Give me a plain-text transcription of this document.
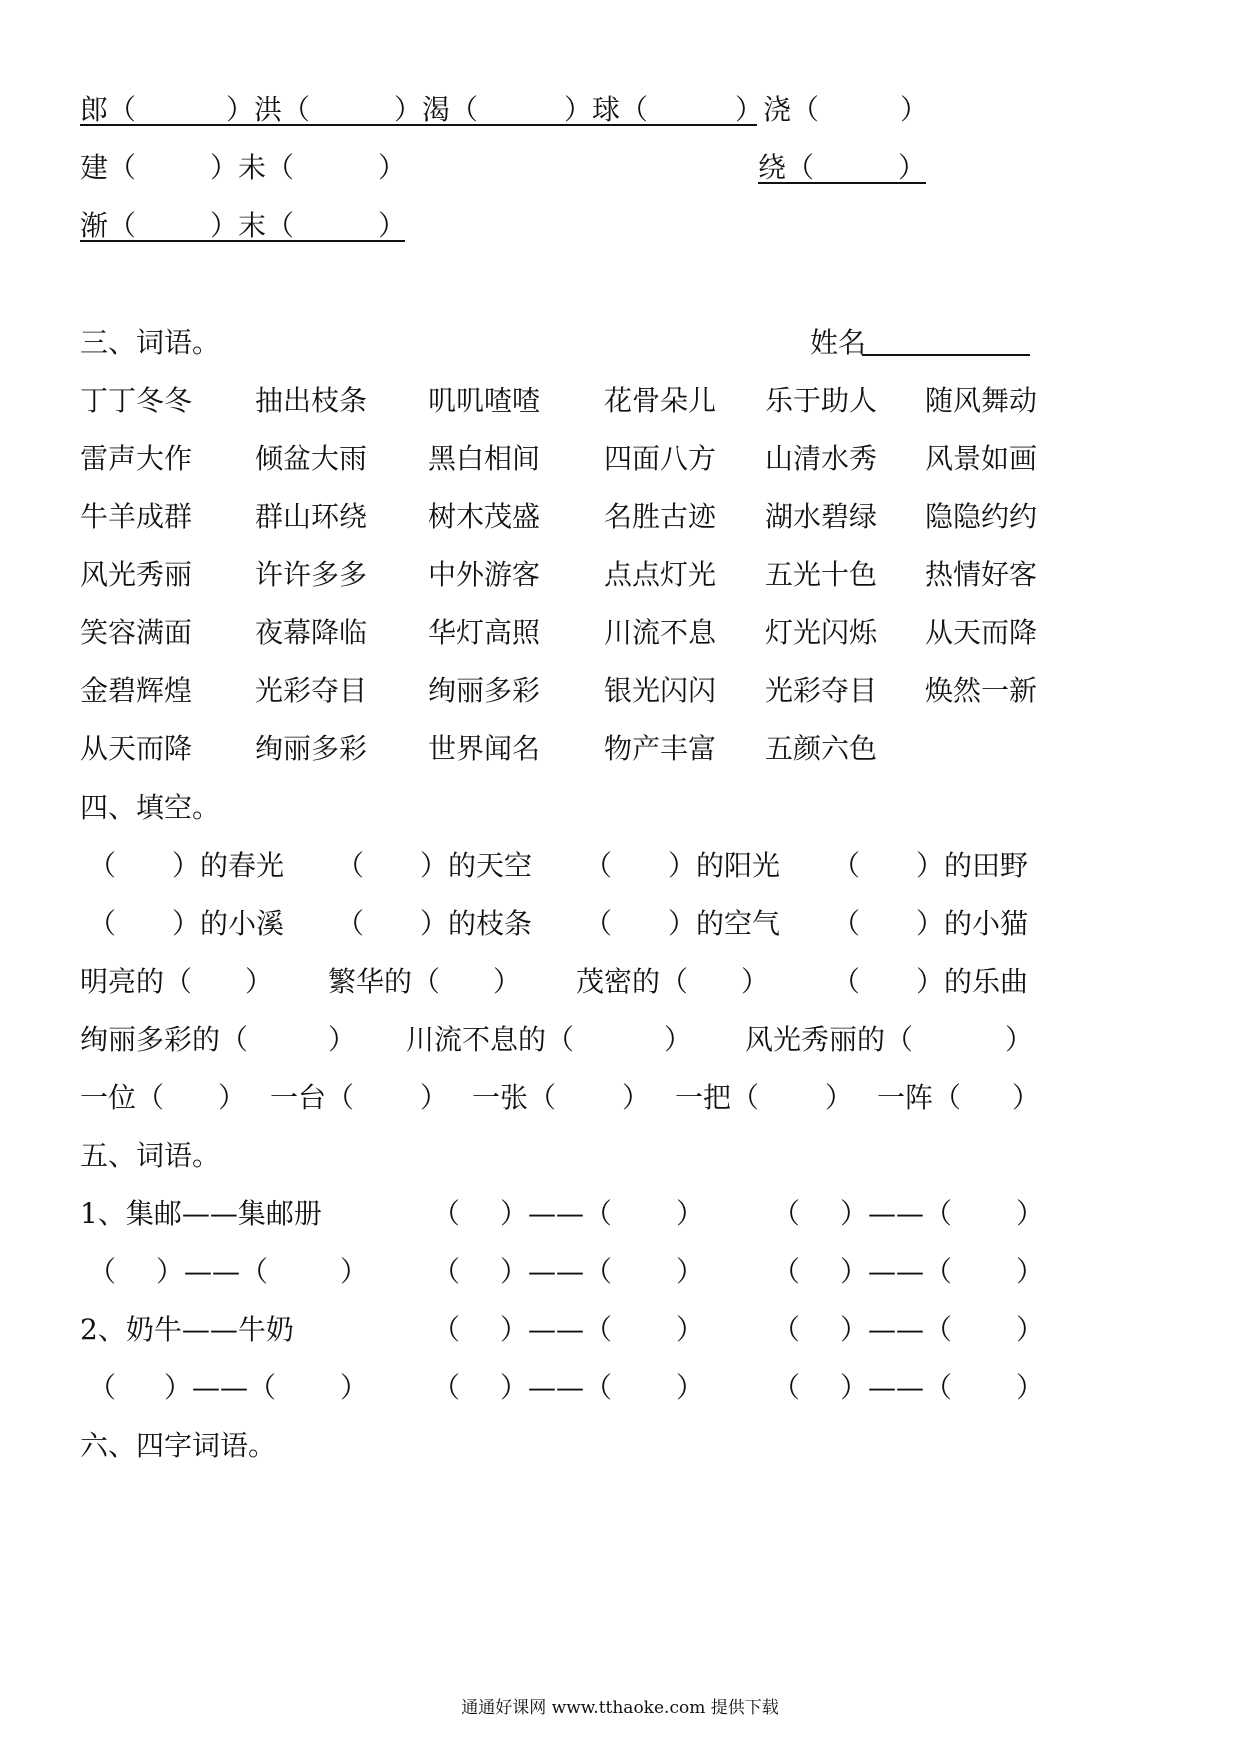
郎（	）洪（	）渴（	）球（	）浇（	）
建（	）未（	）	绕（	）
渐（	）末（	）
三、词语。	姓名
丁丁冬冬 抽出枝条 叽叽喳喳 花骨朵儿 乐于助人 随风舞动
雷声大作 倾盆大雨 黑白相间 四面八方 山清水秀 风景如画
牛羊成群 群山环绕 树木茂盛 名胜古迹 湖水碧绿 隐隐约约
风光秀丽 许许多多 中外游客 点点灯光 五光十色 热情好客
笑容满面 夜幕降临 华灯高照 川流不息 灯光闪烁 从天而降
金碧辉煌 光彩夺目 绚丽多彩 银光闪闪 光彩夺目 焕然一新
从天而降 绚丽多彩 世界闻名 物产丰富 五颜六色
四、填空。
（ ）的春光 （ ）的天空 （ ）的阳光 （ ）的田野
（ ）的小溪 （ ）的枝条 （ ）的空气 （ ）的小猫
明亮的（ ） 繁华的（ ） 茂密的（ ） （ ）的乐曲
绚丽多彩的（	） 川流不息的（	） 风光秀丽的（	）
一位（ ） 一台（ ） 一张（ ） 一把（ ） 一阵（ ）
五、词语。
1、集邮——集邮册	（ ）——（ ） （ ）——（ ）
（ ）——（	） （ ）——（ ） （ ）——（ ）
2、奶牛——牛奶	（ ）——（ ） （ ）——（ ）
（ ）——（ ） （ ）——（ ） （ ）——（ ）
六、四字词语。
通通好课网 www.tthaoke.com 提供下载
